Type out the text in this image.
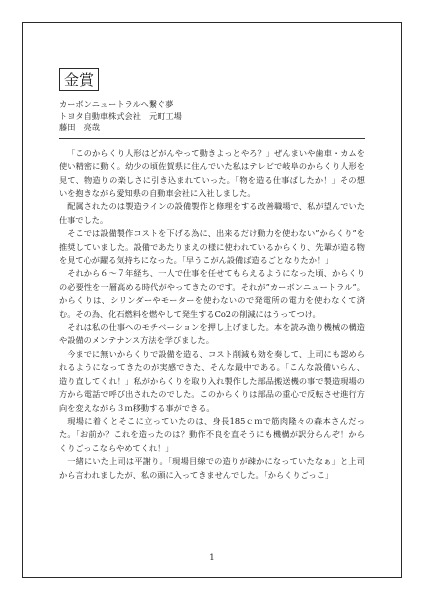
金賞
カーボンニュートラルへ繋ぐ夢
トヨタ自動車株式会社　元町工場
藤田　亮哉

「このからくり人形はどがんやって動きよっとやろ？」ぜんまいや歯車・カムを使い精密に動く。幼少の頃佐賀県に住んでいた私はテレビで岐阜のからくり人形を見て、物造りの楽しさに引き込まれていった。「物を造る仕事ばしたか！」その想いを抱きながら愛知県の自動車会社に入社しました。

配属されたのは製造ラインの設備製作と修理をする改善職場で、私が望んでいた仕事でした。

そこでは設備製作コストを下げる為に、出来るだけ動力を使わない”からくり”を推奨していました。設備であたりまえの様に使われているからくり、先輩が造る物を見て心が躍る気持ちになった。「早うこがん設備ば造るごとなりたか！」

それから６～７年経ち、一人で仕事を任せてもらえるようになった頃、からくりの必要性を一層高める時代がやってきたのです。それが”カーボンニュートラル”。からくりは、シリンダーやモーターを使わないので発電所の電力を使わなくて済む。その為、化石燃料を燃やして発生するCo2の削減にはうってつけ。

それは私の仕事へのモチベーションを押し上げました。本を読み漁り機械の構造や設備のメンテナンス方法を学びました。

今までに無いからくりで設備を造る、コスト削減も効を奏して、上司にも認められるようになってきたのが実感できた、そんな最中である。「こんな設備いらん、造り直してくれ！」私がからくりを取り入れ製作した部品搬送機の事で製造現場の方から電話で呼び出されたのでした。このからくりは部品の重心で反転させ進行方向を変えながら３ｍ移動する事ができる。

現場に着くとそこに立っていたのは、身長185ｃｍで筋肉隆々の森本さんだった。「お前か？これを造ったのは？動作不良を直そうにも機構が訳分らんぞ！からくりごっこならやめてくれ！」

一緒にいた上司は平謝り。「現場目線での造りが疎かになっていたなぁ」と上司から言われましたが、私の頭に入ってきませんでした。「からくりごっこ」

1
